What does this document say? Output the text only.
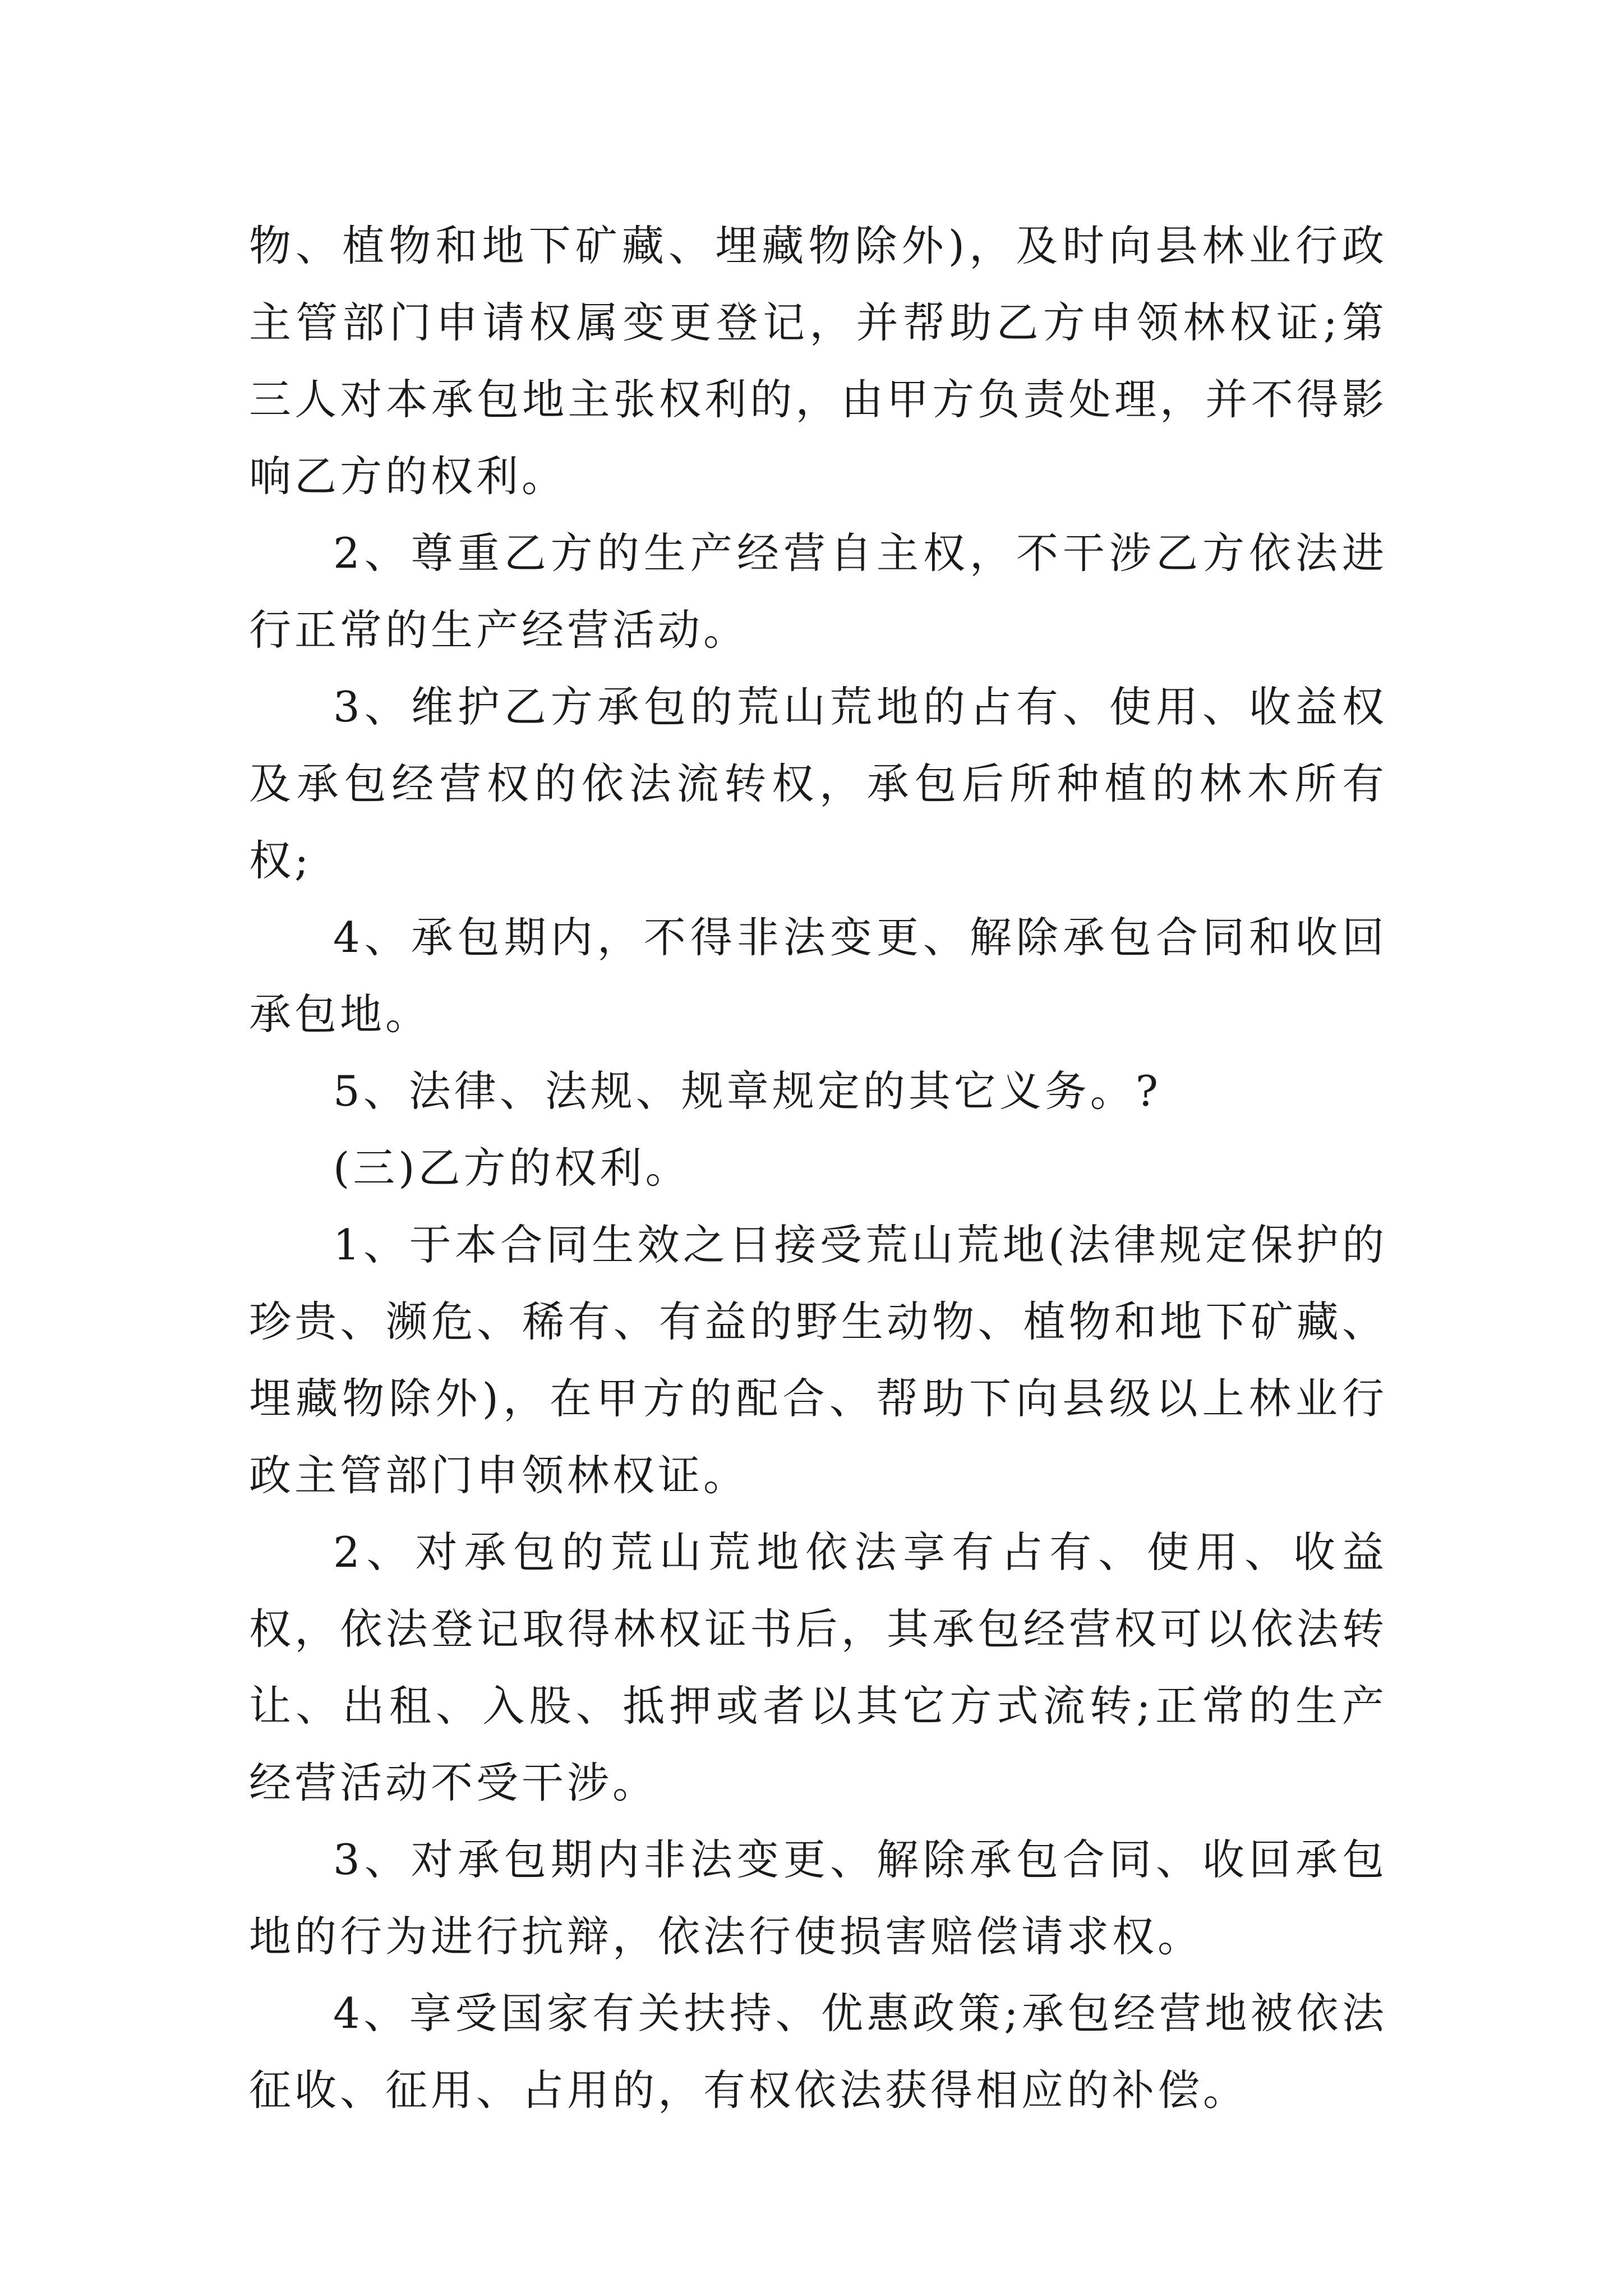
物、植物和地下矿藏、埋藏物除外)，及时向县林业行政主管部门申请权属变更登记，并帮助乙方申领林权证;第三人对本承包地主张权利的，由甲方负责处理，并不得影响乙方的权利。

2、尊重乙方的生产经营自主权，不干涉乙方依法进行正常的生产经营活动。

3、维护乙方承包的荒山荒地的占有、使用、收益权及承包经营权的依法流转权，承包后所种植的林木所有权;

4、承包期内，不得非法变更、解除承包合同和收回承包地。

5、法律、法规、规章规定的其它义务。?

(三)乙方的权利。

1、于本合同生效之日接受荒山荒地(法律规定保护的珍贵、濒危、稀有、有益的野生动物、植物和地下矿藏、埋藏物除外)，在甲方的配合、帮助下向县级以上林业行政主管部门申领林权证。

2、对承包的荒山荒地依法享有占有、使用、收益权，依法登记取得林权证书后，其承包经营权可以依法转让、出租、入股、抵押或者以其它方式流转;正常的生产经营活动不受干涉。

3、对承包期内非法变更、解除承包合同、收回承包地的行为进行抗辩，依法行使损害赔偿请求权。

4、享受国家有关扶持、优惠政策;承包经营地被依法征收、征用、占用的，有权依法获得相应的补偿。
